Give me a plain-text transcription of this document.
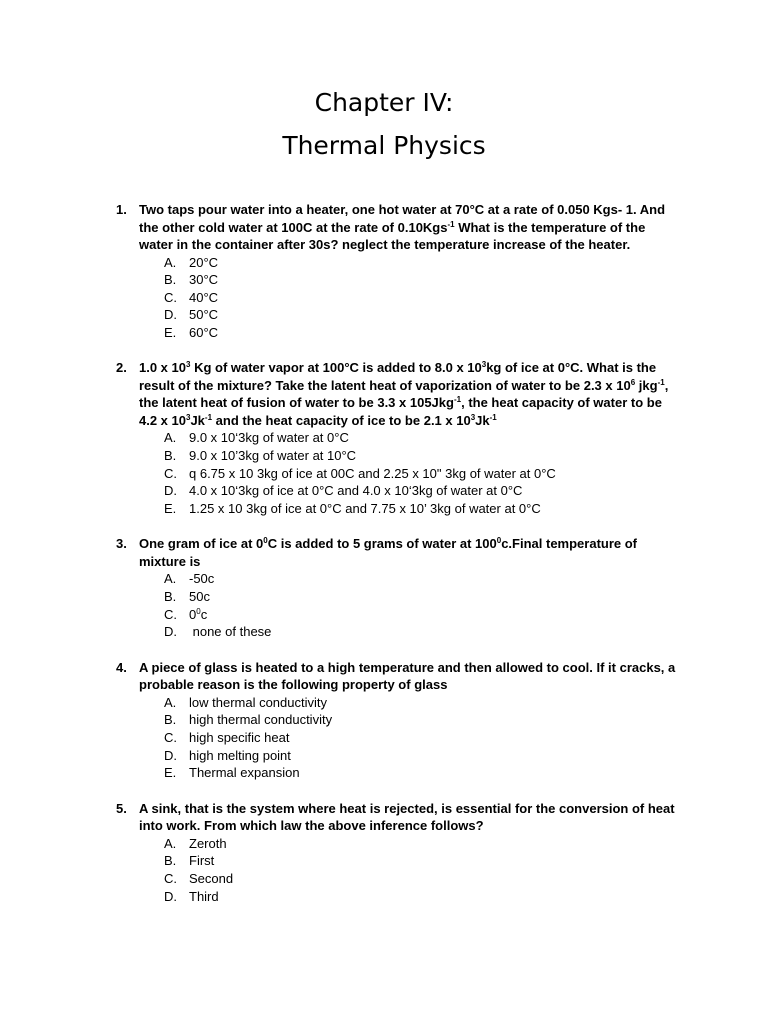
Chapter IV:
Thermal Physics
1. Two taps pour water into a heater, one hot water at 70°C at a rate of 0.050 Kgs- 1. And the other cold water at 100C at the rate of 0.10Kgs$^{-1}$ What is the temperature of the water in the container after 30s? neglect the temperature increase of the heater.
A. 20°C
B. 30°C
C. 40°C
D. 50°C
E. 60°C
2. 1.0 x $10^3$ Kg of water vapor at 100°C is added to 8.0 x $10^3kg$ of ice at 0°C. What is the result of the mixture? Take the latent heat of vaporization of water to be 2.3 x $10^6$ jkg$^{-1}$, the latent heat of fusion of water to be 3.3 x 105Jkg$^{-1}$, the heat capacity of water to be 4.2 x $10^3Jk^{-1}$ and the heat capacity of ice to be 2.1 x $10^3Jk^{-1}$
A. 9.0 x 10‘3kg of water at 0°C
B. 9.0 x 10’3kg of water at 10°C
C. q 6.75 x 10 3kg of ice at 00C and 2.25 x 10" 3kg of water at 0°C
D. 4.0 x 10‘3kg of ice at 0°C and 4.0 x 10‘3kg of water at 0°C
E. 1.25 x 10 3kg of ice at 0°C and 7.75 x 10’ 3kg of water at 0°C
3. One gram of ice at $0^0C$ is added to 5 grams of water at $100^0c.Final$ temperature of mixture is
A. -50c
B. 50c
C. $0^0c$
D. none of these
4. A piece of glass is heated to a high temperature and then allowed to cool. If it cracks, a probable reason is the following property of glass
A. low thermal conductivity
B. high thermal conductivity
C. high specific heat
D. high melting point
E. Thermal expansion
5. A sink, that is the system where heat is rejected, is essential for the conversion of heat into work. From which law the above inference follows?
A. Zeroth
B. First
C. Second
D. Third
